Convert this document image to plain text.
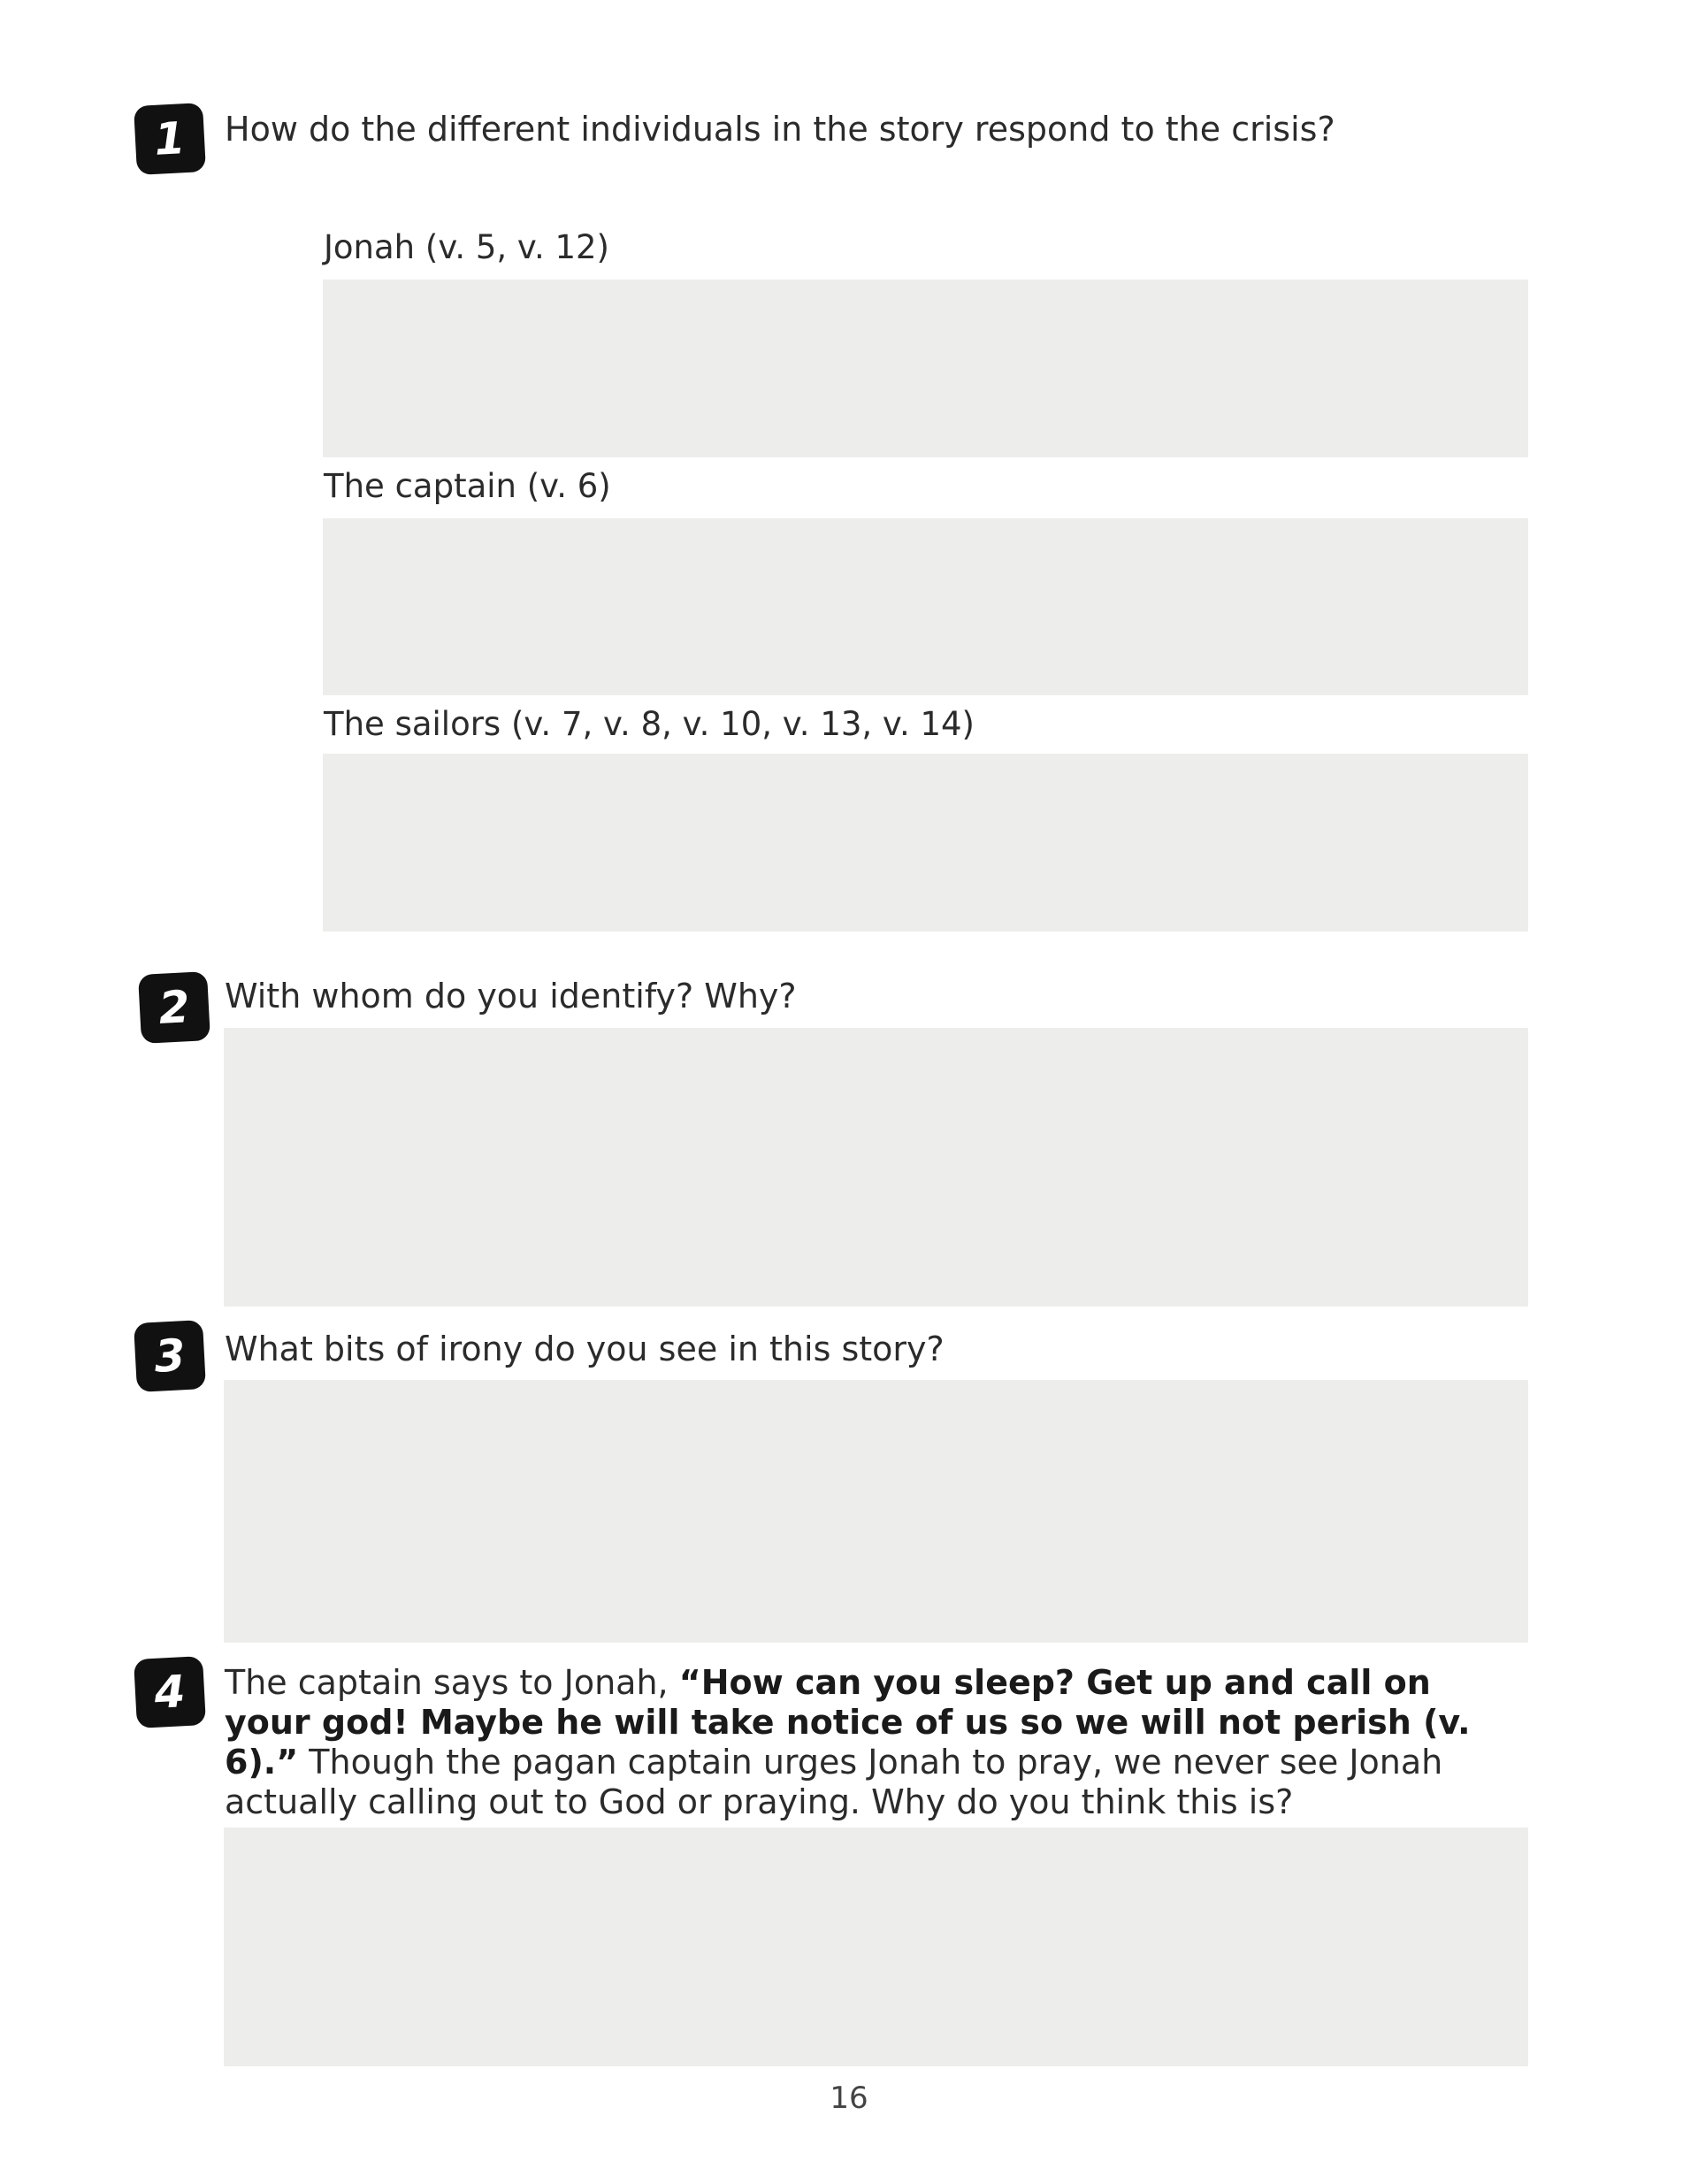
1	How do the different individuals in the story respond to the crisis?
Jonah (v. 5, v. 12)
The captain (v. 6)
The sailors (v. 7, v. 8, v. 10, v. 13, v. 14)
2	With whom do you identify? Why?
3	What bits of irony do you see in this story?
4	The captain says to Jonah, “How can you sleep? Get up and call on your god! Maybe he will take notice of us so we will not perish (v. 6).” Though the pagan captain urges Jonah to pray, we never see Jonah actually calling out to God or praying. Why do you think this is?
16
